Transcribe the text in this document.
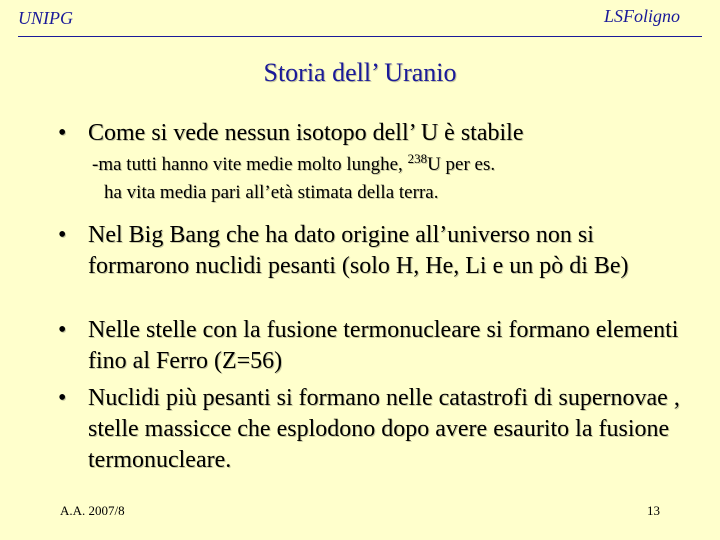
UNIPG	LSFoligno
Storia dell’ Uranio
• Come si vede nessun isotopo dell’ U è stabile
-ma tutti hanno vite medie molto lunghe, $^{238}$U per es.
ha vita media pari all’età stimata della terra.
• Nel Big Bang che ha dato origine all’universo non si formarono nuclidi pesanti (solo H, He, Li e un pò di Be)
• Nelle stelle con la fusione termonucleare si formano elementi fino al Ferro (Z=56)
• Nuclidi più pesanti si formano nelle catastrofi di supernovae , stelle massicce che esplodono dopo avere esaurito la fusione termonucleare.
A.A. 2007/8	13
